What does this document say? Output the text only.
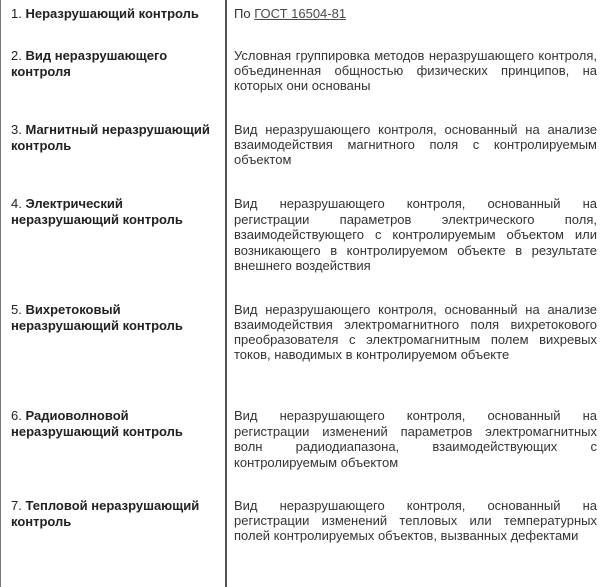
1. Неразрушающий контроль	По ГОСТ 16504-81
2. Вид неразрушающего контроля
Условная группировка методов неразрушающего контроля, объединенная общностью физических принципов, на которых они основаны
3. Магнитный неразрушающий контроль
Вид неразрушающего контроля, основанный на анализе взаимодействия магнитного поля с контролируемым объектом
4. Электрический неразрушающий контроль
Вид неразрушающего контроля, основанный на регистрации параметров электрического поля, взаимодействующего с контролируемым объектом или возникающего в контролируемом объекте в результате внешнего воздействия
5. Вихретоковый неразрушающий контроль
Вид неразрушающего контроля, основанный на анализе взаимодействия электромагнитного поля вихретокового преобразователя с электромагнитным полем вихревых токов, наводимых в контролируемом объекте
6. Радиоволновой неразрушающий контроль
Вид неразрушающего контроля, основанный на регистрации изменений параметров электромагнитных волн радиодиапазона, взаимодействующих с контролируемым объектом
7. Тепловой неразрушающий контроль
Вид неразрушающего контроля, основанный на регистрации изменений тепловых или температурных полей контролируемых объектов, вызванных дефектами
